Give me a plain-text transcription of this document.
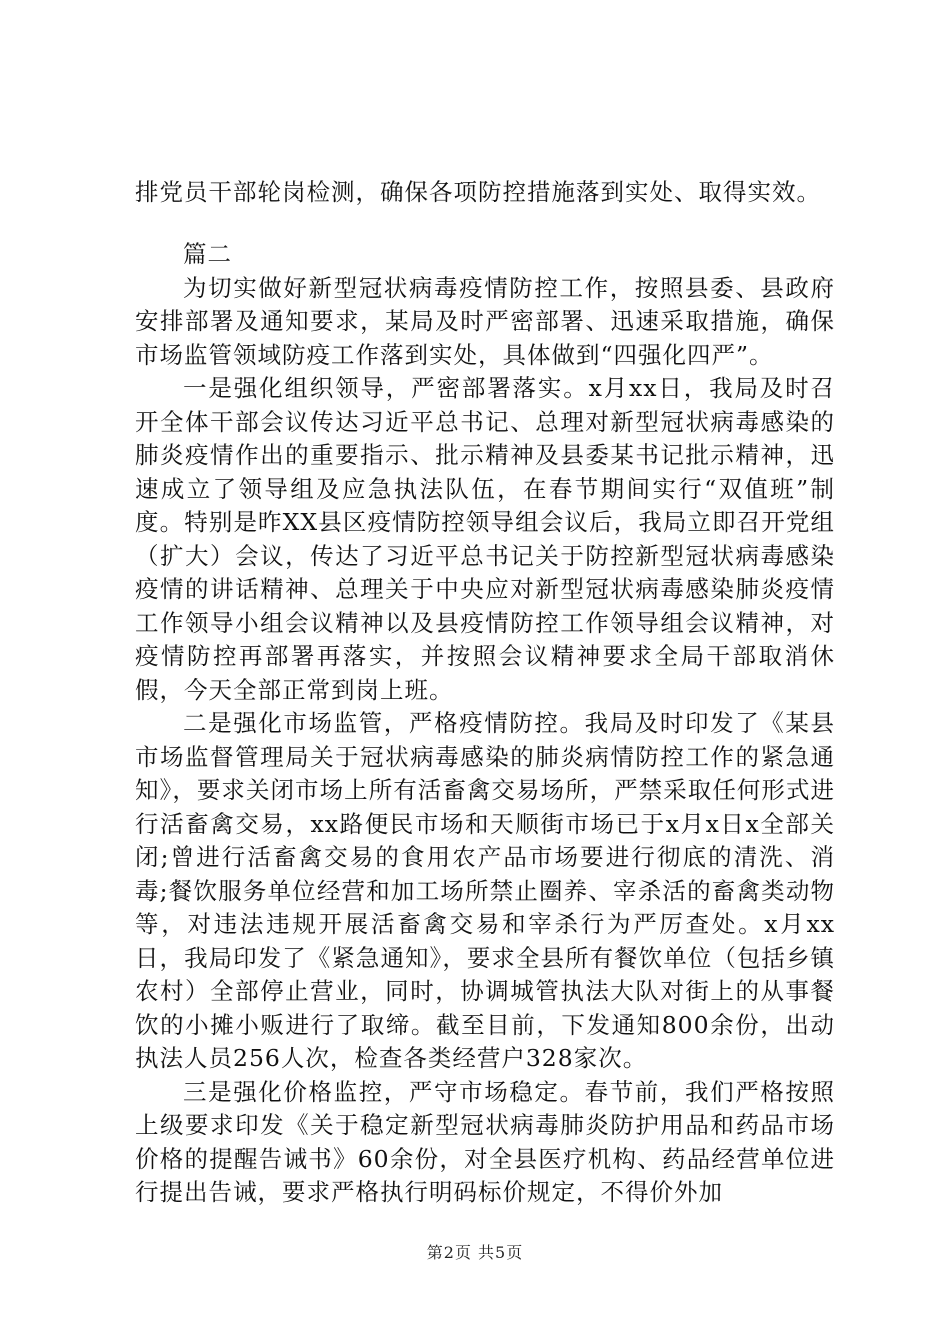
排党员干部轮岗检测，确保各项防控措施落到实处、取得实效。

篇二

为切实做好新型冠状病毒疫情防控工作，按照县委、县政府安排部署及通知要求，某局及时严密部署、迅速采取措施，确保市场监管领域防疫工作落到实处，具体做到“四强化四严”。

一是强化组织领导，严密部署落实。x月xx日，我局及时召开全体干部会议传达习近平总书记、总理对新型冠状病毒感染的肺炎疫情作出的重要指示、批示精神及县委某书记批示精神，迅速成立了领导组及应急执法队伍，在春节期间实行“双值班”制度。特别是昨XX县区疫情防控领导组会议后，我局立即召开党组（扩大）会议，传达了习近平总书记关于防控新型冠状病毒感染疫情的讲话精神、总理关于中央应对新型冠状病毒感染肺炎疫情工作领导小组会议精神以及县疫情防控工作领导组会议精神，对疫情防控再部署再落实，并按照会议精神要求全局干部取消休假，今天全部正常到岗上班。

二是强化市场监管，严格疫情防控。我局及时印发了《某县市场监督管理局关于冠状病毒感染的肺炎病情防控工作的紧急通知》，要求关闭市场上所有活畜禽交易场所，严禁采取任何形式进行活畜禽交易，xx路便民市场和天顺街市场已于x月x日x全部关闭;曾进行活畜禽交易的食用农产品市场要进行彻底的清洗、消毒;餐饮服务单位经营和加工场所禁止圈养、宰杀活的畜禽类动物等，对违法违规开展活畜禽交易和宰杀行为严厉查处。x月xx日，我局印发了《紧急通知》，要求全县所有餐饮单位（包括乡镇农村）全部停止营业，同时，协调城管执法大队对街上的从事餐饮的小摊小贩进行了取缔。截至目前，下发通知800余份，出动执法人员256人次，检查各类经营户328家次。

三是强化价格监控，严守市场稳定。春节前，我们严格按照上级要求印发《关于稳定新型冠状病毒肺炎防护用品和药品市场价格的提醒告诫书》60余份，对全县医疗机构、药品经营单位进行提出告诫，要求严格执行明码标价规定，不得价外加

第2页 共5页
